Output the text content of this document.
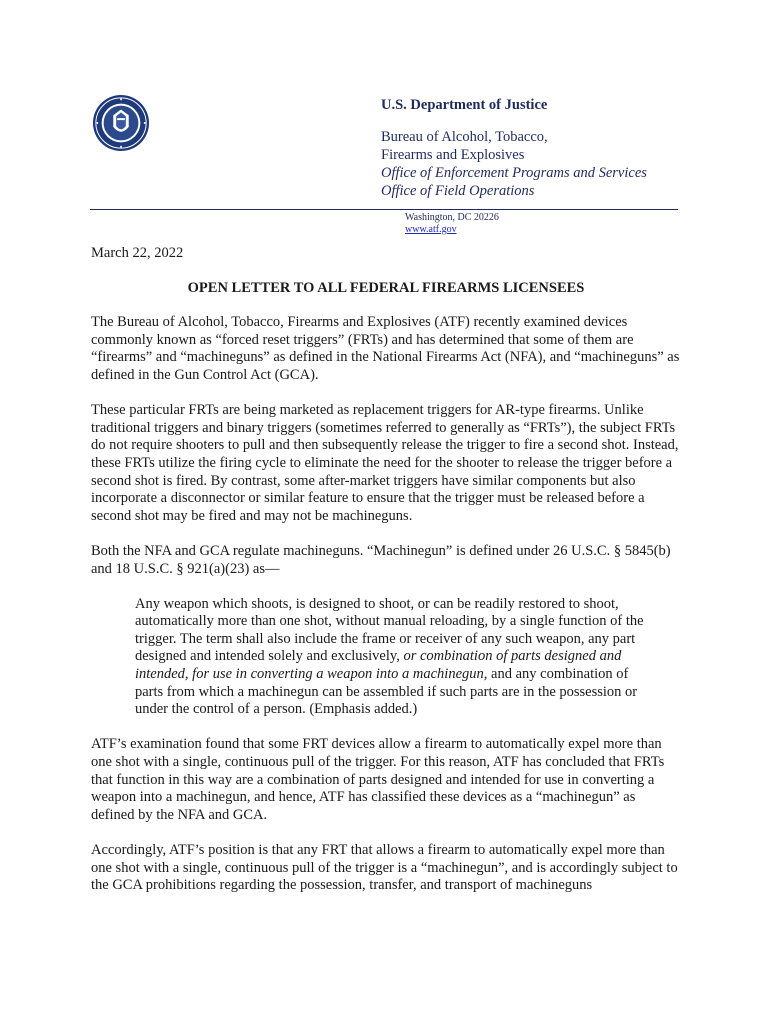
U.S. Department of Justice
Bureau of Alcohol, Tobacco,
Firearms and Explosives
Office of Enforcement Programs and Services
Office of Field Operations
Washington, DC 20226
www.atf.gov

March 22, 2022

OPEN LETTER TO ALL FEDERAL FIREARMS LICENSEES

The Bureau of Alcohol, Tobacco, Firearms and Explosives (ATF) recently examined devices commonly known as “forced reset triggers” (FRTs) and has determined that some of them are “firearms” and “machineguns” as defined in the National Firearms Act (NFA), and “machineguns” as defined in the Gun Control Act (GCA).

These particular FRTs are being marketed as replacement triggers for AR-type firearms. Unlike traditional triggers and binary triggers (sometimes referred to generally as “FRTs”), the subject FRTs do not require shooters to pull and then subsequently release the trigger to fire a second shot. Instead, these FRTs utilize the firing cycle to eliminate the need for the shooter to release the trigger before a second shot is fired. By contrast, some after-market triggers have similar components but also incorporate a disconnector or similar feature to ensure that the trigger must be released before a second shot may be fired and may not be machineguns.

Both the NFA and GCA regulate machineguns. “Machinegun” is defined under 26 U.S.C. § 5845(b) and 18 U.S.C. § 921(a)(23) as—

Any weapon which shoots, is designed to shoot, or can be readily restored to shoot, automatically more than one shot, without manual reloading, by a single function of the trigger. The term shall also include the frame or receiver of any such weapon, any part designed and intended solely and exclusively, or combination of parts designed and intended, for use in converting a weapon into a machinegun, and any combination of parts from which a machinegun can be assembled if such parts are in the possession or under the control of a person. (Emphasis added.)

ATF’s examination found that some FRT devices allow a firearm to automatically expel more than one shot with a single, continuous pull of the trigger. For this reason, ATF has concluded that FRTs that function in this way are a combination of parts designed and intended for use in converting a weapon into a machinegun, and hence, ATF has classified these devices as a “machinegun” as defined by the NFA and GCA.

Accordingly, ATF’s position is that any FRT that allows a firearm to automatically expel more than one shot with a single, continuous pull of the trigger is a “machinegun”, and is accordingly subject to the GCA prohibitions regarding the possession, transfer, and transport of machineguns
